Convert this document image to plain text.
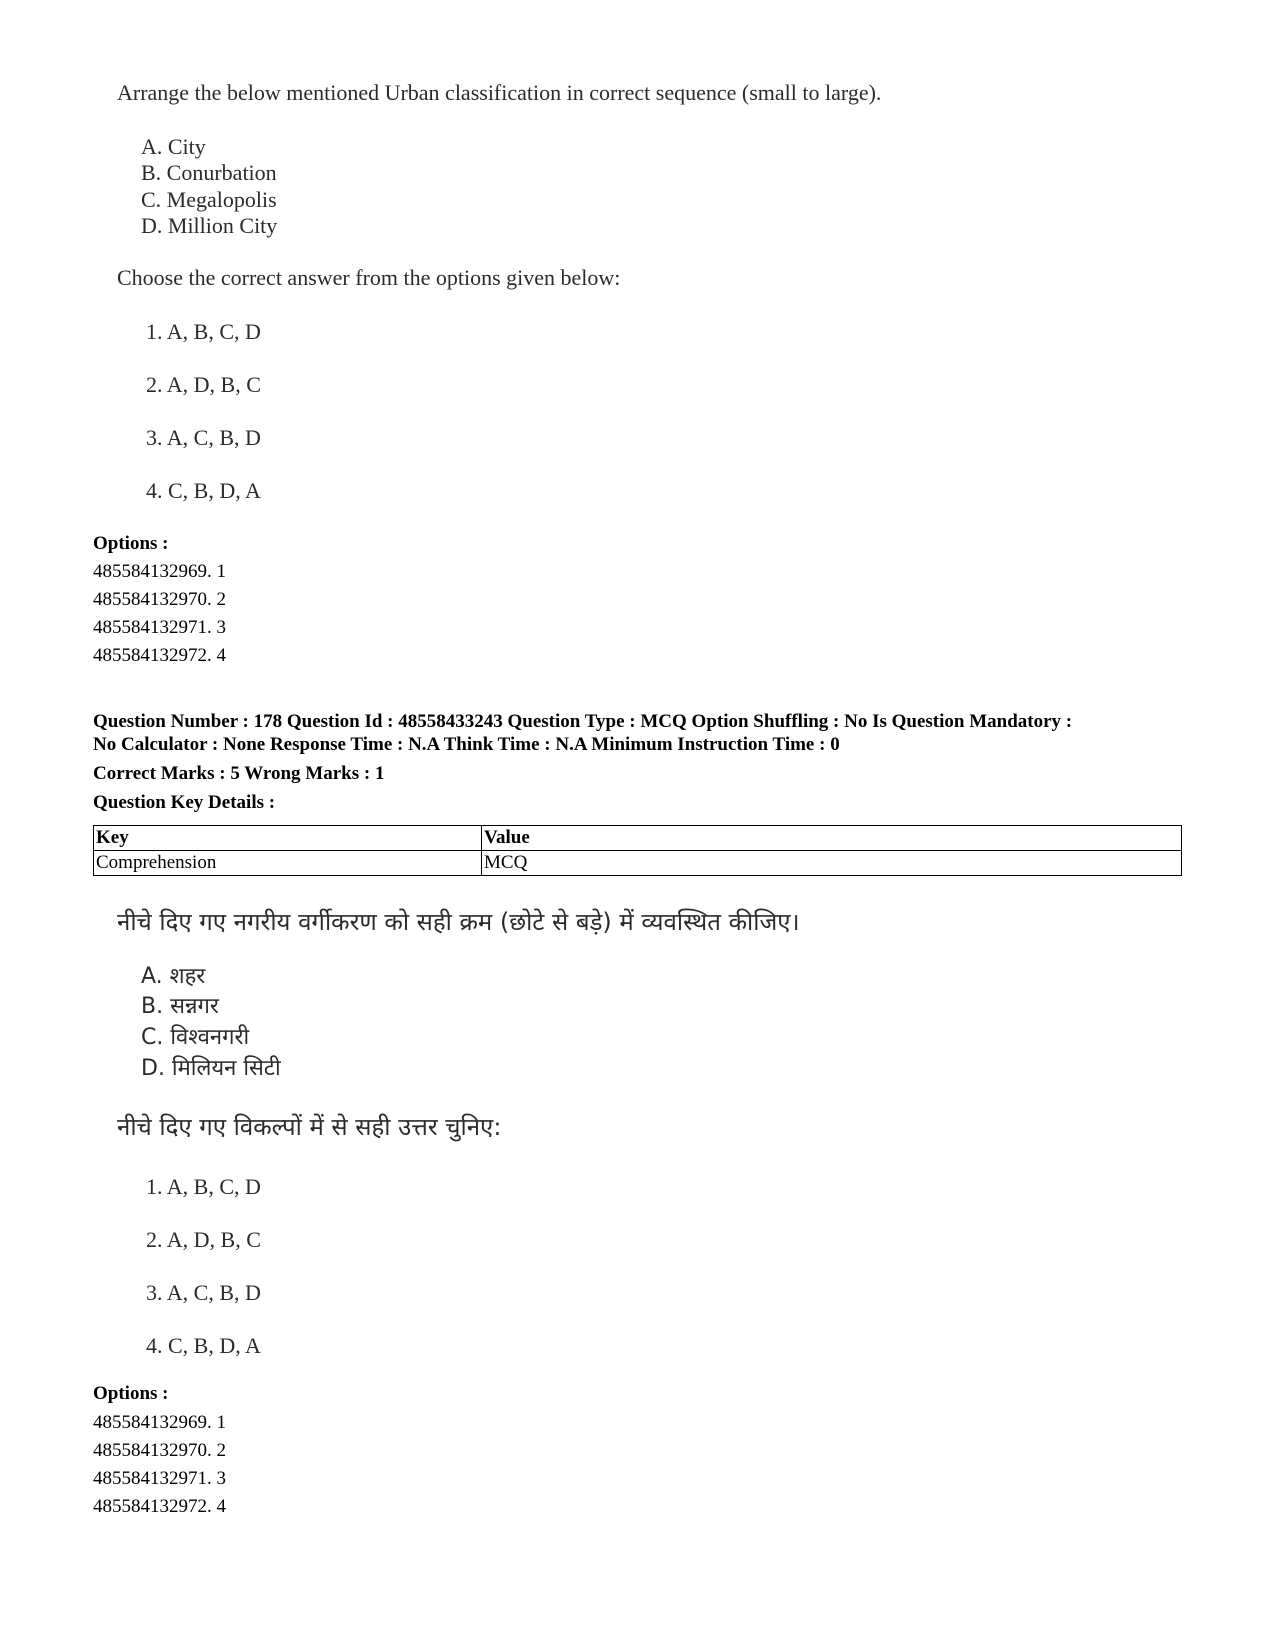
Arrange the below mentioned Urban classification in correct sequence (small to large).
A. City
B. Conurbation
C. Megalopolis
D. Million City
Choose the correct answer from the options given below:
1. A, B, C, D
2. A, D, B, C
3. A, C, B, D
4. C, B, D, A
Options :
485584132969. 1
485584132970. 2
485584132971. 3
485584132972. 4
Question Number : 178 Question Id : 48558433243 Question Type : MCQ Option Shuffling : No Is Question Mandatory :
No Calculator : None Response Time : N.A Think Time : N.A Minimum Instruction Time : 0
Correct Marks : 5 Wrong Marks : 1
Question Key Details :
Key	Value
Comprehension	MCQ
नीचे दिए गए नगरीय वर्गीकरण को सही क्रम (छोटे से बड़े) में व्यवस्थित कीजिए।
A. शहर
B. सन्नगर
C. विश्वनगरी
D. मिलियन सिटी
नीचे दिए गए विकल्पों में से सही उत्तर चुनिए:
1. A, B, C, D
2. A, D, B, C
3. A, C, B, D
4. C, B, D, A
Options :
485584132969. 1
485584132970. 2
485584132971. 3
485584132972. 4
